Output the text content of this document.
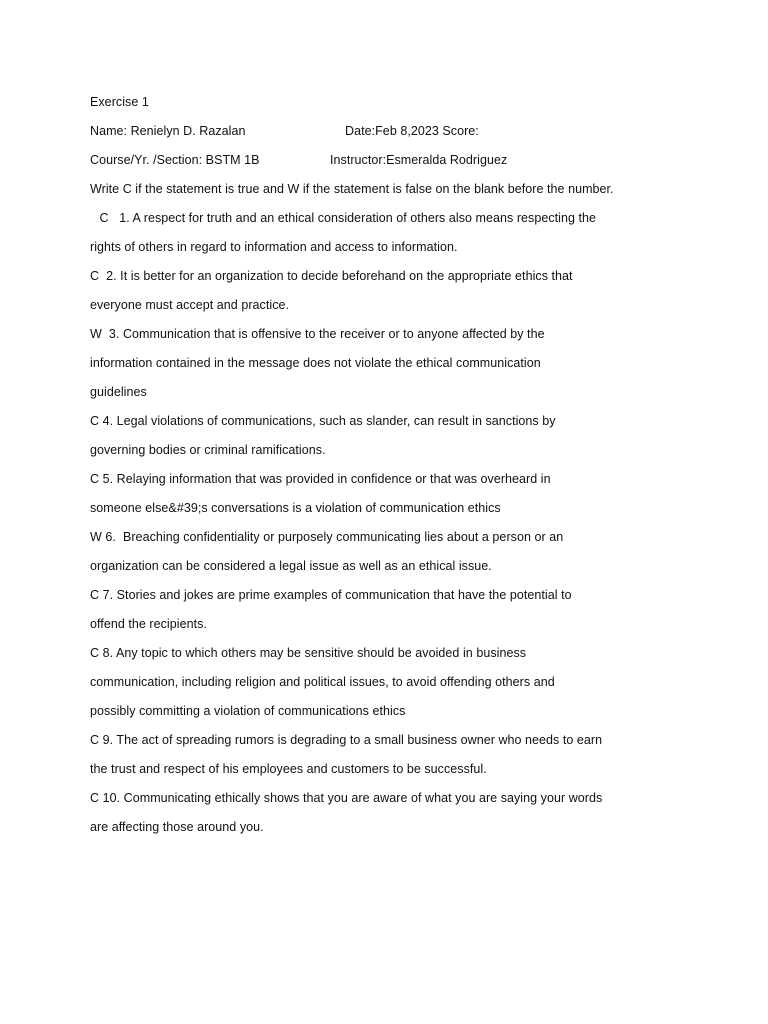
Exercise 1
Name: Renielyn D. Razalan	Date:Feb 8,2023 Score:
Course/Yr. /Section: BSTM 1B	Instructor:Esmeralda Rodriguez
Write C if the statement is true and W if the statement is false on the blank before the number.
C 1. A respect for truth and an ethical consideration of others also means respecting the
rights of others in regard to information and access to information.
C 2. It is better for an organization to decide beforehand on the appropriate ethics that
everyone must accept and practice.
W 3. Communication that is offensive to the receiver or to anyone affected by the
information contained in the message does not violate the ethical communication
guidelines
C 4. Legal violations of communications, such as slander, can result in sanctions by
governing bodies or criminal ramifications.
C 5. Relaying information that was provided in confidence or that was overheard in
someone else&#39;s conversations is a violation of communication ethics
W 6.  Breaching confidentiality or purposely communicating lies about a person or an
organization can be considered a legal issue as well as an ethical issue.
C 7. Stories and jokes are prime examples of communication that have the potential to
offend the recipients.
C 8. Any topic to which others may be sensitive should be avoided in business
communication, including religion and political issues, to avoid offending others and
possibly committing a violation of communications ethics
C 9. The act of spreading rumors is degrading to a small business owner who needs to earn
the trust and respect of his employees and customers to be successful.
C 10. Communicating ethically shows that you are aware of what you are saying your words
are affecting those around you.
